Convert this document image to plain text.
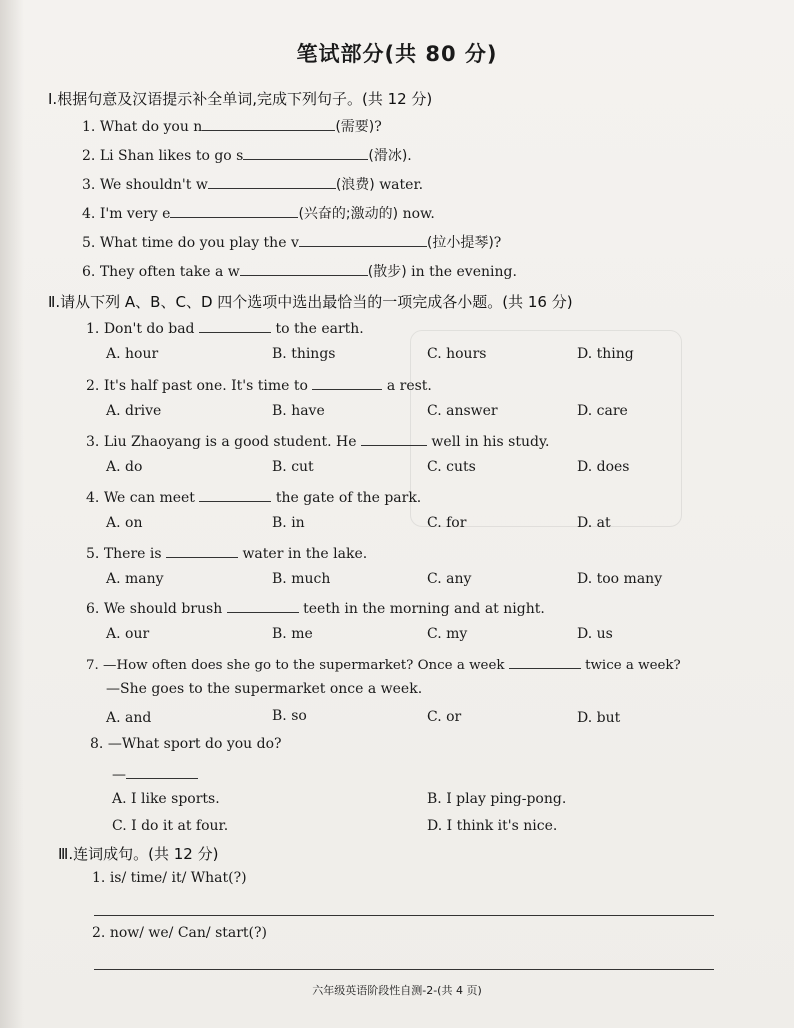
笔试部分(共 80 分)
Ⅰ.根据句意及汉语提示补全单词,完成下列句子。(共 12 分)
1. What do you n	(需要)?
2. Li Shan likes to go s	(滑冰).
3. We shouldn't w	(浪费) water.
4. I'm very e	(兴奋的;激动的) now.
5. What time do you play the v	(拉小提琴)?
6. They often take a w	(散步) in the evening.
Ⅱ.请从下列 A、B、C、D 四个选项中选出最恰当的一项完成各小题。(共 16 分)
1. Don't do bad	to the earth.
A. hour	B. things	C. hours	D. thing
2. It's half past one. It's time to	a rest.
A. drive	B. have	C. answer	D. care
3. Liu Zhaoyang is a good student. He	well in his study.
A. do	B. cut	C. cuts	D. does
4. We can meet	the gate of the park.
A. on	B. in	C. for	D. at
5. There is	water in the lake.
A. many	B. much	C. any	D. too many
6. We should brush	teeth in the morning and at night.
A. our	B. me	C. my	D. us
7. —How often does she go to the supermarket? Once a week	twice a week?
—She goes to the supermarket once a week.
A. and	B. so	C. or	D. but
8. —What sport do you do?
—
A. I like sports.	B. I play ping-pong.
C. I do it at four.	D. I think it's nice.
Ⅲ.连词成句。(共 12 分)
1. is/ time/ it/ What(?)
2. now/ we/ Can/ start(?)
六年级英语阶段性自测-2-(共 4 页)
